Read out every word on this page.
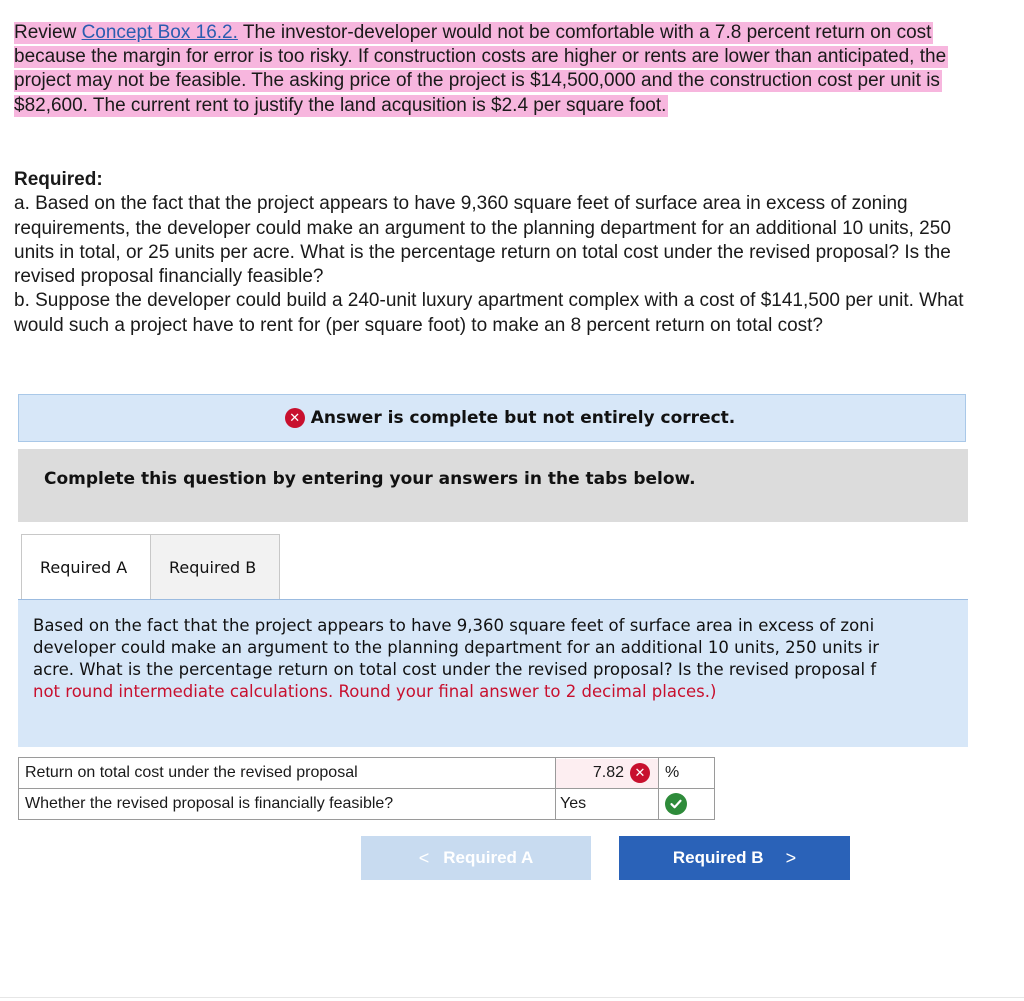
Review Concept Box 16.2. The investor-developer would not be comfortable with a 7.8 percent return on cost because the margin for error is too risky. If construction costs are higher or rents are lower than anticipated, the project may not be feasible. The asking price of the project is $14,500,000 and the construction cost per unit is $82,600. The current rent to justify the land acqusition is $2.4 per square foot.
Required:

a. Based on the fact that the project appears to have 9,360 square feet of surface area in excess of zoning requirements, the developer could make an argument to the planning department for an additional 10 units, 250 units in total, or 25 units per acre. What is the percentage return on total cost under the revised proposal? Is the revised proposal financially feasible?

b. Suppose the developer could build a 240-unit luxury apartment complex with a cost of $141,500 per unit. What would such a project have to rent for (per square foot) to make an 8 percent return on total cost?

✕ Answer is complete but not entirely correct.
Complete this question by entering your answers in the tabs below.
Required A	Required B
Based on the fact that the project appears to have 9,360 square feet of surface area in excess of zoni
developer could make an argument to the planning department for an additional 10 units, 250 units ir
acre. What is the percentage return on total cost under the revised proposal? Is the revised proposal f
not round intermediate calculations. Round your final answer to 2 decimal places.)
Return on total cost under the revised proposal	7.82 ✕	%
Whether the revised proposal is financially feasible?	Yes

< Required A	Required B >
